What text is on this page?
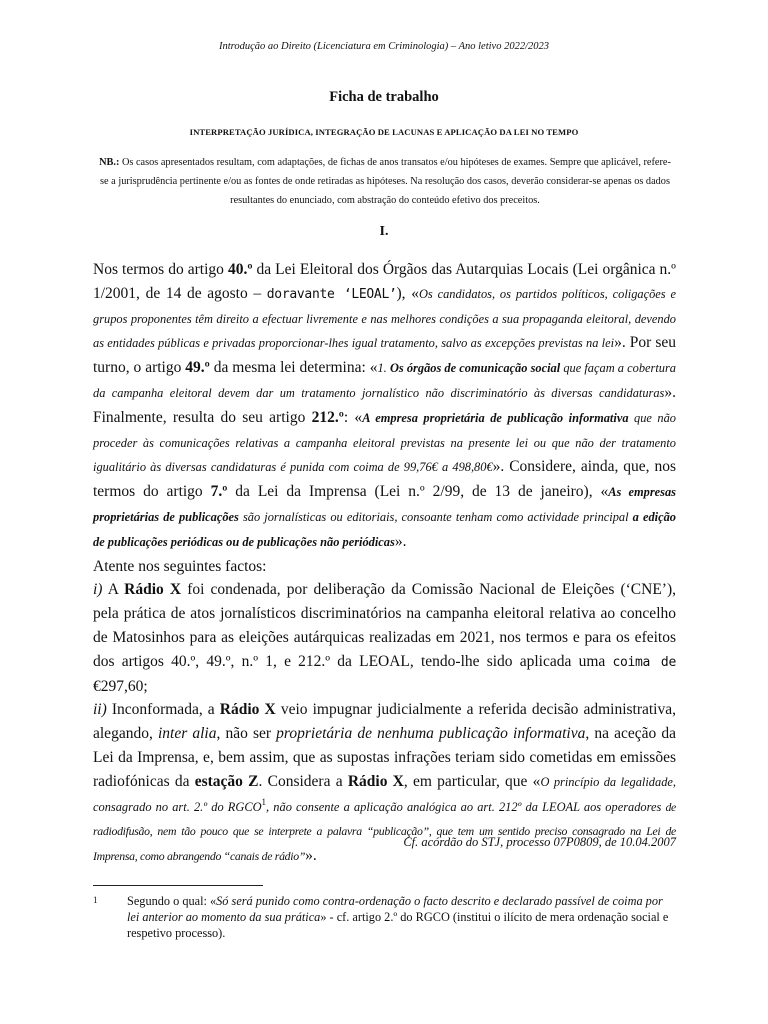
Introdução ao Direito (Licenciatura em Criminologia) – Ano letivo 2022/2023
Ficha de trabalho
INTERPRETAÇÃO JURÍDICA, INTEGRAÇÃO DE LACUNAS E APLICAÇÃO DA LEI NO TEMPO
NB.: Os casos apresentados resultam, com adaptações, de fichas de anos transatos e/ou hipóteses de exames. Sempre que aplicável, refere-se a jurisprudência pertinente e/ou as fontes de onde retiradas as hipóteses. Na resolução dos casos, deverão considerar-se apenas os dados resultantes do enunciado, com abstração do conteúdo efetivo dos preceitos.
I.

Nos termos do artigo 40.º da Lei Eleitoral dos Órgãos das Autarquias Locais (Lei orgânica n.º 1/2001, de 14 de agosto – doravante ‘LEOAL’), «Os candidatos, os partidos políticos, coligações e grupos proponentes têm direito a efectuar livremente e nas melhores condições a sua propaganda eleitoral, devendo as entidades públicas e privadas proporcionar-lhes igual tratamento, salvo as excepções previstas na lei». Por seu turno, o artigo 49.º da mesma lei determina: «1. Os órgãos de comunicação social que façam a cobertura da campanha eleitoral devem dar um tratamento jornalístico não discriminatório às diversas candidaturas». Finalmente, resulta do seu artigo 212.º: «A empresa proprietária de publicação informativa que não proceder às comunicações relativas a campanha eleitoral previstas na presente lei ou que não der tratamento igualitário às diversas candidaturas é punida com coima de 99,76€ a 498,80€». Considere, ainda, que, nos termos do artigo 7.º da Lei da Imprensa (Lei n.º 2/99, de 13 de janeiro), «As empresas proprietárias de publicações são jornalísticas ou editoriais, consoante tenham como actividade principal a edição de publicações periódicas ou de publicações não periódicas».

Atente nos seguintes factos:

i) A Rádio X foi condenada, por deliberação da Comissão Nacional de Eleições (‘CNE’), pela prática de atos jornalísticos discriminatórios na campanha eleitoral relativa ao concelho de Matosinhos para as eleições autárquicas realizadas em 2021, nos termos e para os efeitos dos artigos 40.º, 49.º, n.º 1, e 212.º da LEOAL, tendo-lhe sido aplicada uma coima de €297,60;

ii) Inconformada, a Rádio X veio impugnar judicialmente a referida decisão administrativa, alegando, inter alia, não ser proprietária de nenhuma publicação informativa, na aceção da Lei da Imprensa, e, bem assim, que as supostas infrações teriam sido cometidas em emissões radiofónicas da estação Z. Considera a Rádio X, em particular, que «O princípio da legalidade, consagrado no art. 2.º do RGCO$^1$, não consente a aplicação analógica ao art. 212º da LEOAL aos operadores de radiodifusão, nem tão pouco que se interprete a palavra “publicação”, que tem um sentido preciso consagrado na Lei de Imprensa, como abrangendo “canais de rádio”».

Cf. acórdão do STJ, processo 07P0809, de 10.04.2007
1 Segundo o qual: «Só será punido como contra-ordenação o facto descrito e declarado passível de coima por lei anterior ao momento da sua prática» - cf. artigo 2.º do RGCO (institui o ilícito de mera ordenação social e respetivo processo).
